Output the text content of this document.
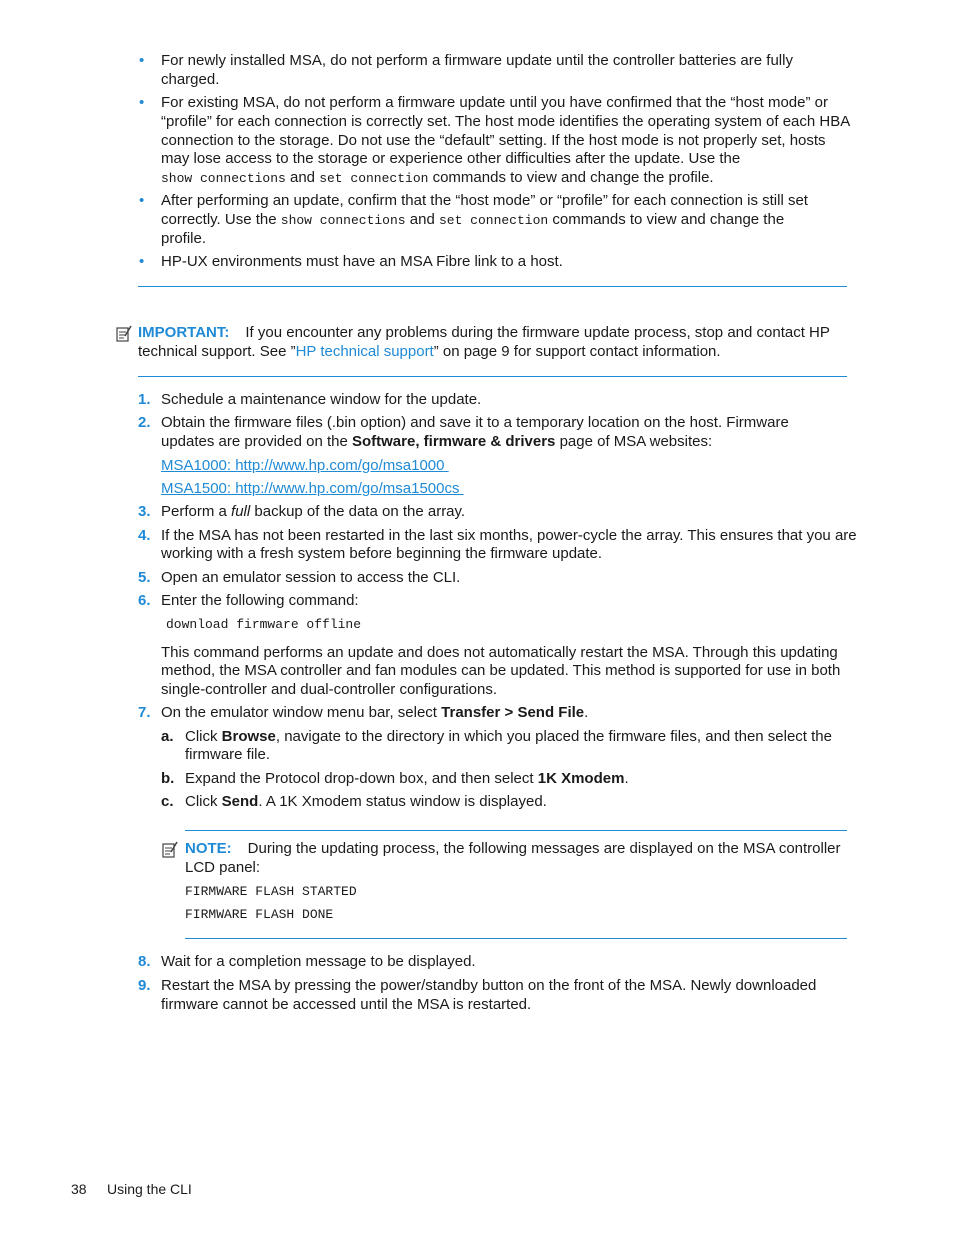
• For newly installed MSA, do not perform a firmware update until the controller batteries are fully
charged.
• For existing MSA, do not perform a firmware update until you have confirmed that the “host mode” or
“profile” for each connection is correctly set. The host mode identifies the operating system of each HBA
connection to the storage. Do not use the “default” setting. If the host mode is not properly set, hosts
may lose access to the storage or experience other difficulties after the update. Use the
show connections and set connection commands to view and change the profile.
• After performing an update, confirm that the “host mode” or “profile” for each connection is still set
correctly. Use the show connections and set connection commands to view and change the
profile.
• HP-UX environments must have an MSA Fibre link to a host.
IMPORTANT: If you encounter any problems during the firmware update process, stop and contact HP
technical support. See ”HP technical support” on page 9 for support contact information.
1. Schedule a maintenance window for the update.
2. Obtain the firmware files (.bin option) and save it to a temporary location on the host. Firmware
updates are provided on the Software, firmware & drivers page of MSA websites:
MSA1000: http://www.hp.com/go/msa1000
MSA1500: http://www.hp.com/go/msa1500cs
3. Perform a full backup of the data on the array.
4. If the MSA has not been restarted in the last six months, power-cycle the array. This ensures that you are
working with a fresh system before beginning the firmware update.
5. Open an emulator session to access the CLI.
6. Enter the following command:
download firmware offline
This command performs an update and does not automatically restart the MSA. Through this updating
method, the MSA controller and fan modules can be updated. This method is supported for use in both
single-controller and dual-controller configurations.
7. On the emulator window menu bar, select Transfer > Send File.
a. Click Browse, navigate to the directory in which you placed the firmware files, and then select the
firmware file.
b. Expand the Protocol drop-down box, and then select 1K Xmodem.
c. Click Send. A 1K Xmodem status window is displayed.
NOTE: During the updating process, the following messages are displayed on the MSA controller
LCD panel:
FIRMWARE FLASH STARTED
FIRMWARE FLASH DONE
8. Wait for a completion message to be displayed.
9. Restart the MSA by pressing the power/standby button on the front of the MSA. Newly downloaded
firmware cannot be accessed until the MSA is restarted.
38 Using the CLI
